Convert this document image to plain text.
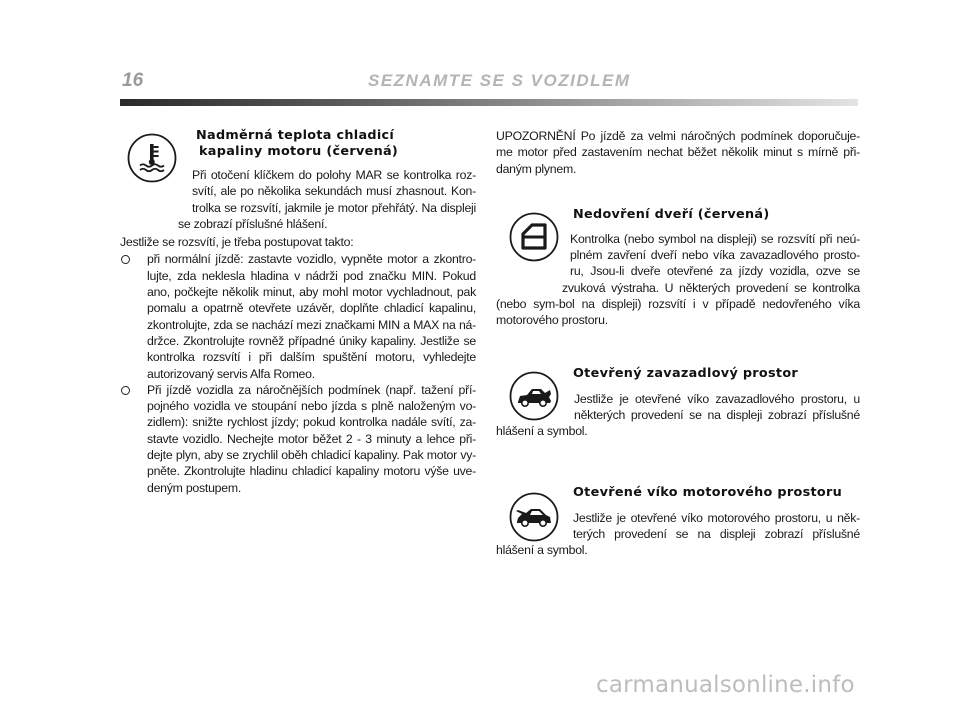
16	SEZNAMTE SE S VOZIDLEM
Nadměrná teplota chladicí
kapaliny motoru (červená)

Při otočení klíčkem do polohy MAR se kontrolka roz-svítí, ale po několika sekundách musí zhasnout. Kon-trolka se rozsvítí, jakmile je motor přehřátý. Na displeji se zobrazí příslušné hlášení.

Jestliže se rozsvítí, je třeba postupovat takto:

při normální jízdě: zastavte vozidlo, vypněte motor a zkontro-lujte, zda neklesla hladina v nádrži pod značku MIN. Pokud ano, počkejte několik minut, aby mohl motor vychladnout, pak pomalu a opatrně otevřete uzávěr, doplňte chladicí kapalinu, zkontrolujte, zda se nachází mezi značkami MIN a MAX na ná-držce. Zkontrolujte rovněž případné úniky kapaliny. Jestliže se kontrolka rozsvítí i při dalším spuštění motoru, vyhledejte autorizovaný servis Alfa Romeo.
Při jízdě vozidla za náročnějších podmínek (např. tažení pří-pojného vozidla ve stoupání nebo jízda s plně naloženým vo-zidlem): snižte rychlost jízdy; pokud kontrolka nadále svítí, za-stavte vozidlo. Nechejte motor běžet 2 - 3 minuty a lehce při-dejte plyn, aby se zrychlil oběh chladicí kapaliny. Pak motor vy-pněte. Zkontrolujte hladinu chladicí kapaliny motoru výše uve-deným postupem.

UPOZORNĚNÍ Po jízdě za velmi náročných podmínek doporučuje-me motor před zastavením nechat běžet několik minut s mírně při-daným plynem.

Nedovření dveří (červená)

Kontrolka (nebo symbol na displeji) se rozsvítí při neú-plném zavření dveří nebo víka zavazadlového prosto-ru, Jsou-li dveře otevřené za jízdy vozidla, ozve se zvuková výstraha. U některých provedení se kontrolka (nebo sym-bol na displeji) rozsvítí i v případě nedovřeného víka motorového prostoru.

Otevřený zavazadlový prostor

Jestliže je otevřené víko zavazadlového prostoru, u některých provedení se na displeji zobrazí příslušné hlášení a symbol.

Otevřené víko motorového prostoru

Jestliže je otevřené víko motorového prostoru, u něk-terých provedení se na displeji zobrazí příslušné hlášení a symbol.

carmanualsonline.info
